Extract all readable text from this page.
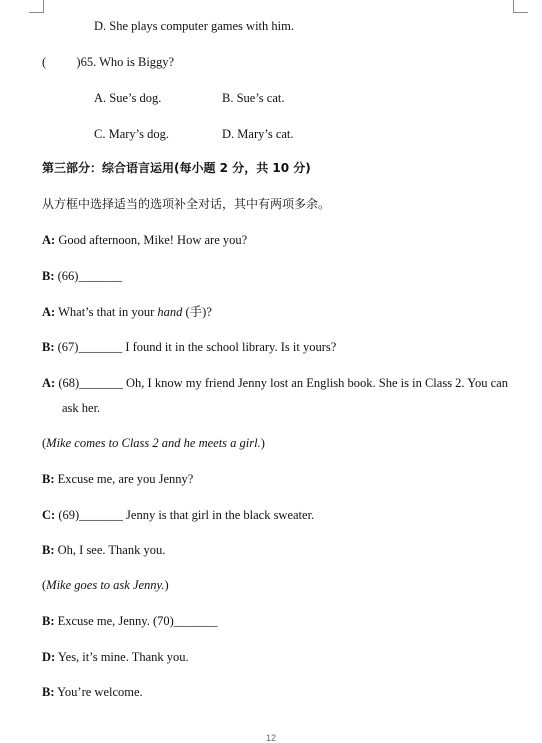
D. She plays computer games with him.
( )65. Who is Biggy?
A. Sue’s dog.	B. Sue’s cat.
C. Mary’s dog.	D. Mary’s cat.
第三部分：综合语言运用(每小题 2 分，共 10 分)
从方框中选择适当的选项补全对话，其中有两项多余。
A: Good afternoon, Mike! How are you?
B: (66)_______
A: What’s that in your hand (手)?
B: (67)_______ I found it in the school library. Is it yours?
A: (68)_______ Oh, I know my friend Jenny lost an English book. She is in Class 2. You can
ask her.
(Mike comes to Class 2 and he meets a girl.)
B: Excuse me, are you Jenny?
C: (69)_______ Jenny is that girl in the black sweater.
B: Oh, I see. Thank you.
(Mike goes to ask Jenny.)
B: Excuse me, Jenny. (70)_______
D: Yes, it’s mine. Thank you.
B: You’re welcome.
12
